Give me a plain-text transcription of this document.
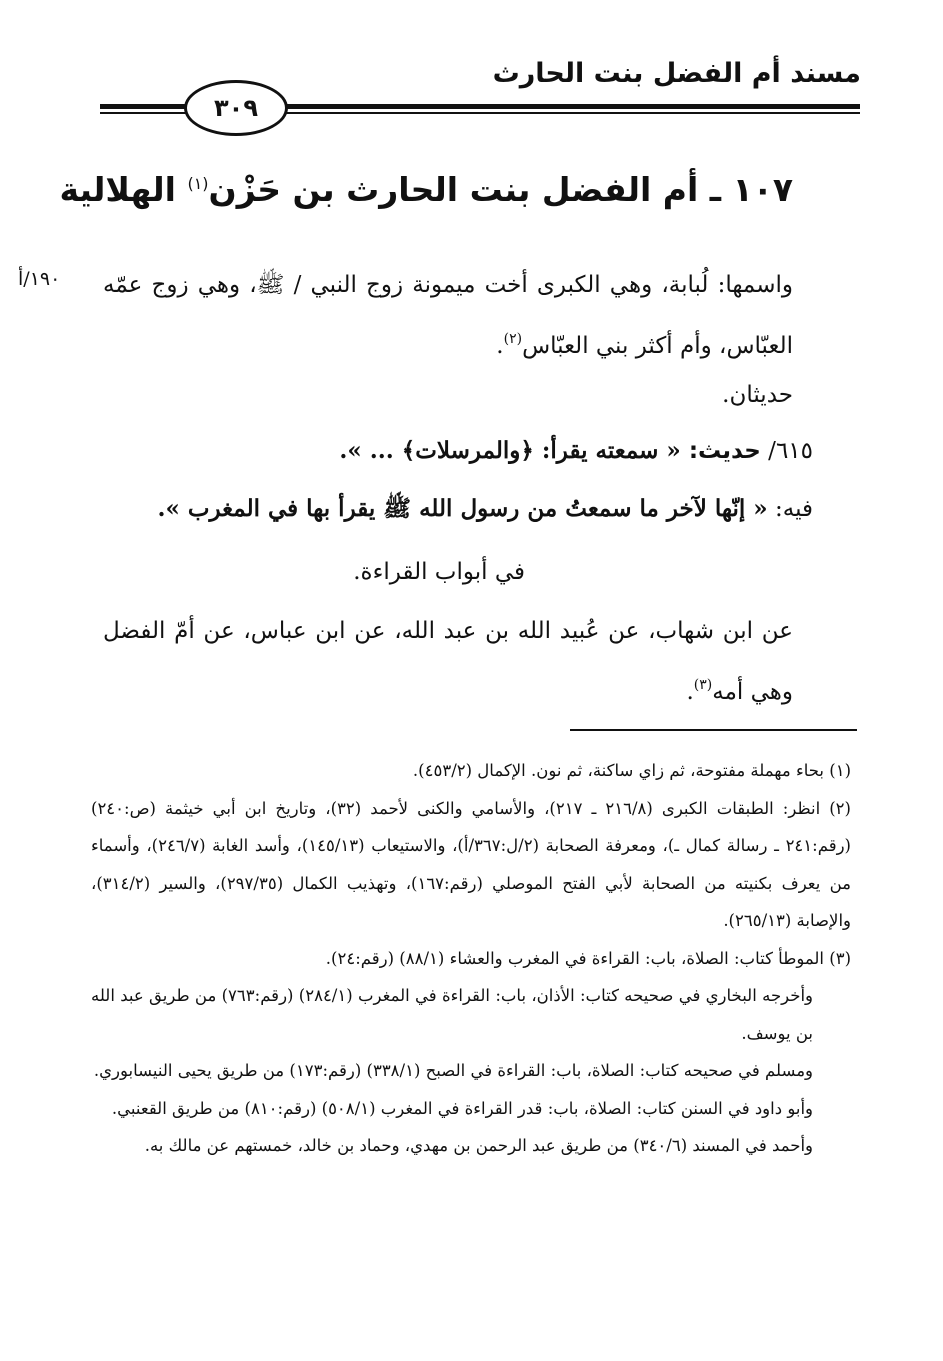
مسند أم الفضل بنت الحارث
٣٠٩
١٠٧ ـ أم الفضل بنت الحارث بن حَزْن$^{(١)}$ الهلالية
١٩٠/أ واسمها: لُبابة، وهي الكبرى أخت ميمونة زوج النبي / ﷺ، وهي زوج عمّه العبّاس، وأم أكثر بني العبّاس$^{(٢)}$.

حديثان.

٦١٥/ حديث: « سمعته يقرأ: ﴿والمرسلات﴾ ... ».

فيه: « إنّها لآخر ما سمعتُ من رسول الله ﷺ يقرأ بها في المغرب ».

في أبواب القراءة.

عن ابن شهاب، عن عُبيد الله بن عبد الله، عن ابن عباس، عن أمّ الفضل وهي أمه$^{(٣)}$.

(١) بحاء مهملة مفتوحة، ثم زاي ساكنة، ثم نون. الإكمال (٤٥٣/٢).

(٢) انظر: الطبقات الكبرى (٢١٦/٨ ـ ٢١٧)، والأسامي والكنى لأحمد (٣٢)، وتاريخ ابن أبي خيثمة (ص:٢٤٠) (رقم:٢٤١ ـ رسالة كمال ـ)، ومعرفة الصحابة (٢/ل:٣٦٧/أ)، والاستيعاب (١٤٥/١٣)، وأسد الغابة (٢٤٦/٧)، وأسماء من يعرف بكنيته من الصحابة لأبي الفتح الموصلي (رقم:١٦٧)، وتهذيب الكمال (٢٩٧/٣٥)، والسير (٣١٤/٢)، والإصابة (٢٦٥/١٣).

(٣) الموطأ كتاب: الصلاة، باب: القراءة في المغرب والعشاء (٨٨/١) (رقم:٢٤).

وأخرجه البخاري في صحيحه كتاب: الأذان، باب: القراءة في المغرب (٢٨٤/١) (رقم:٧٦٣) من طريق عبد الله بن يوسف.

ومسلم في صحيحه كتاب: الصلاة، باب: القراءة في الصبح (٣٣٨/١) (رقم:١٧٣) من طريق يحيى النيسابوري.

وأبو داود في السنن كتاب: الصلاة، باب: قدر القراءة في المغرب (٥٠٨/١) (رقم:٨١٠) من طريق القعنبي.

وأحمد في المسند (٣٤٠/٦) من طريق عبد الرحمن بن مهدي، وحماد بن خالد، خمستهم عن مالك به.
